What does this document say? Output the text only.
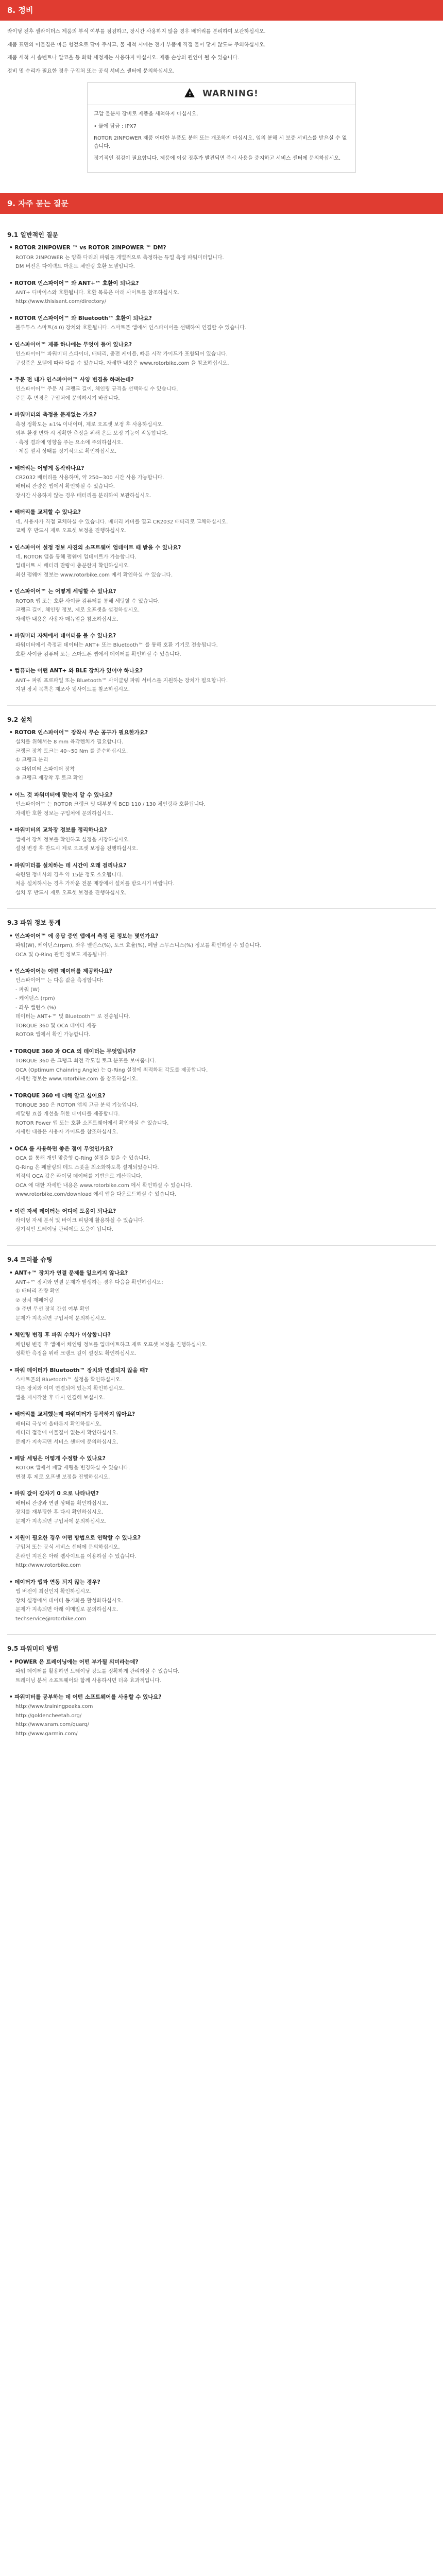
8. 정비

라이딩 전후 셀라이더스 제품의 부식 여부를 점검하고, 장시간 사용하지 않을 경우 배터리를 분리하여 보관하십시오.

제품 표면의 이물질은 마른 헝겊으로 닦아 주시고, 물 세척 시에는 전기 부품에 직접 물이 닿지 않도록 주의하십시오.

제품 세척 시 솔벤트나 알코올 등 화학 세정제는 사용하지 마십시오. 제품 손상의 원인이 될 수 있습니다.

정비 및 수리가 필요한 경우 구입처 또는 공식 서비스 센터에 문의하십시오.

! WARNING!

고압 물분사 장비로 제품을 세척하지 마십시오.

• 물에 담금 : IPX7

ROTOR 2INPOWER 제품 어떠한 부품도 분해 또는 개조하지 마십시오. 임의 분해 시 보증 서비스를 받으실 수 없습니다.

정기적인 점검이 필요합니다. 제품에 이상 징후가 발견되면 즉시 사용을 중지하고 서비스 센터에 문의하십시오.

9. 자주 묻는 질문
9.1 일반적인 질문
• ROTOR 2INPOWER ™ vs ROTOR 2INPOWER ™ DM?
ROTOR 2INPOWER 는 양쪽 다리의 파워를 개별적으로 측정하는 듀얼 측정 파워미터입니다.
DM 버전은 다이렉트 마운트 체인링 호환 모델입니다.
• ROTOR 인스파이어™ 와 ANT+™ 호환이 되나요?
ANT+ 디바이스와 호환됩니다. 호환 목록은 아래 사이트를 참조하십시오.
http://www.thisisant.com/directory/
• ROTOR 인스파이어™ 와 Bluetooth™ 호환이 되나요?
블루투스 스마트(4.0) 장치와 호환됩니다. 스마트폰 앱에서 인스파이어를 선택하여 연결할 수 있습니다.
• 인스파이어™ 제품 하나에는 무엇이 들어 있나요?
인스파이어™ 파워미터 스파이더, 배터리, 충전 케이블, 빠른 시작 가이드가 포함되어 있습니다.
구성품은 모델에 따라 다를 수 있습니다. 자세한 내용은 www.rotorbike.com 을 참조하십시오.
• 주문 전 내가 인스파이어™ 사양 변경을 하려는데?
인스파이어™ 주문 시 크랭크 길이, 체인링 규격을 선택하실 수 있습니다.
주문 후 변경은 구입처에 문의하시기 바랍니다.
• 파워미터의 측정을 문제없는 가요?
측정 정확도는 ±1% 이내이며, 제로 오프셋 보정 후 사용하십시오.
외부 환경 변화 시 정확한 측정을 위해 온도 보정 기능이 작동합니다.
· 측정 결과에 영향을 주는 요소에 주의하십시오.
· 제품 설치 상태를 정기적으로 확인하십시오.
• 배터리는 어떻게 동작하나요?
CR2032 배터리를 사용하며, 약 250~300 시간 사용 가능합니다.
배터리 잔량은 앱에서 확인하실 수 있습니다.
장시간 사용하지 않는 경우 배터리를 분리하여 보관하십시오.
• 배터리를 교체할 수 있나요?
네, 사용자가 직접 교체하실 수 있습니다. 배터리 커버를 열고 CR2032 배터리로 교체하십시오.
교체 후 반드시 제로 오프셋 보정을 진행하십시오.
• 인스파이어 설정 정보 사진의 소프트웨어 업데이트 때 받을 수 있나요?
네, ROTOR 앱을 통해 펌웨어 업데이트가 가능합니다.
업데이트 시 배터리 잔량이 충분한지 확인하십시오.
최신 펌웨어 정보는 www.rotorbike.com 에서 확인하실 수 있습니다.
• 인스파이어™ 는 어떻게 세팅할 수 있나요?
ROTOR 앱 또는 호환 사이클 컴퓨터를 통해 세팅할 수 있습니다.
크랭크 길이, 체인링 정보, 제로 오프셋을 설정하십시오.
자세한 내용은 사용자 매뉴얼을 참조하십시오.
• 파워미터 자체에서 데이터를 볼 수 있나요?
파워미터에서 측정된 데이터는 ANT+ 또는 Bluetooth™ 를 통해 호환 기기로 전송됩니다.
호환 사이클 컴퓨터 또는 스마트폰 앱에서 데이터를 확인하실 수 있습니다.
• 컴퓨터는 어떤 ANT+ 와 BLE 장치가 있어야 하나요?
ANT+ 파워 프로파일 또는 Bluetooth™ 사이클링 파워 서비스를 지원하는 장치가 필요합니다.
지원 장치 목록은 제조사 웹사이트를 참조하십시오.
9.2 설치
• ROTOR 인스파이어™ 장착시 무슨 공구가 필요한가요?
설치를 위해서는 8 mm 육각렌치가 필요합니다.
크랭크 장착 토크는 40~50 Nm 를 준수하십시오.
① 크랭크 분리
② 파워미터 스파이더 장착
③ 크랭크 재장착 후 토크 확인
• 어느 것 파워미터에 맞는지 알 수 있나요?
인스파이어™ 는 ROTOR 크랭크 및 대부분의 BCD 110 / 130 체인링과 호환됩니다.
자세한 호환 정보는 구입처에 문의하십시오.
• 파워미터의 교차장 정보를 정리하나요?
앱에서 장치 정보를 확인하고 설정을 저장하십시오.
설정 변경 후 반드시 제로 오프셋 보정을 진행하십시오.
• 파워미터를 설치하는 데 시간이 오래 걸리나요?
숙련된 정비사의 경우 약 15분 정도 소요됩니다.
처음 설치하시는 경우 가까운 전문 매장에서 설치를 받으시기 바랍니다.
설치 후 반드시 제로 오프셋 보정을 진행하십시오.
9.3 파워 정보 통계
• 인스파이어™ 에 응답 중인 앱에서 측정 된 정보는 몇인가요?
파워(W), 케이던스(rpm), 좌우 밸런스(%), 토크 효율(%), 페달 스무스니스(%) 정보를 확인하실 수 있습니다.
OCA 및 Q-Ring 관련 정보도 제공됩니다.
• 인스파이어는 어떤 데이터를 제공하나요?
인스파이어™ 는 다음 값을 측정합니다:
- 파워 (W)
- 케이던스 (rpm)
- 좌우 밸런스 (%)
데이터는 ANT+™ 및 Bluetooth™ 로 전송됩니다.
TORQUE 360 및 OCA 데이터 제공
ROTOR 앱에서 확인 가능합니다.
• TORQUE 360 과 OCA 의 데이터는 무엇입니까?
TORQUE 360 은 크랭크 회전 각도별 토크 분포를 보여줍니다.
OCA (Optimum Chainring Angle) 는 Q-Ring 설정에 최적화된 각도를 제공합니다.
자세한 정보는 www.rotorbike.com 을 참조하십시오.
• TORQUE 360 에 대해 알고 싶어요?
TORQUE 360 은 ROTOR 앱의 고급 분석 기능입니다.
페달링 효율 개선을 위한 데이터를 제공합니다.
ROTOR Power 앱 또는 호환 소프트웨어에서 확인하실 수 있습니다.
자세한 내용은 사용자 가이드를 참조하십시오.
• OCA 를 사용하면 좋은 점이 무엇인가요?
OCA 를 통해 개인 맞춤형 Q-Ring 설정을 찾을 수 있습니다.
Q-Ring 은 페달링의 데드 스폿을 최소화하도록 설계되었습니다.
최적의 OCA 값은 라이딩 데이터를 기반으로 계산됩니다.
OCA 에 대한 자세한 내용은 www.rotorbike.com 에서 확인하실 수 있습니다.
www.rotorbike.com/download 에서 앱을 다운로드하실 수 있습니다.
• 이런 자세 데이터는 어디에 도움이 되나요?
라이딩 자세 분석 및 바이크 피팅에 활용하실 수 있습니다.
장기적인 트레이닝 관리에도 도움이 됩니다.
9.4 트러블 슈팅
• ANT+™ 장치가 연결 문제를 일으키지 않나요?
ANT+™ 장치와 연결 문제가 발생하는 경우 다음을 확인하십시오:
① 배터리 잔량 확인
② 장치 재페어링
③ 주변 무선 장치 간섭 여부 확인
문제가 지속되면 구입처에 문의하십시오.
• 체인링 변경 후 파워 수치가 이상합니다?
체인링 변경 후 앱에서 체인링 정보를 업데이트하고 제로 오프셋 보정을 진행하십시오.
정확한 측정을 위해 크랭크 길이 설정도 확인하십시오.
• 파워 데이터가 Bluetooth™ 장치와 연결되지 않을 때?
스마트폰의 Bluetooth™ 설정을 확인하십시오.
다른 장치와 이미 연결되어 있는지 확인하십시오.
앱을 재시작한 후 다시 연결해 보십시오.
• 배터리를 교체했는데 파워미터가 동작하지 않아요?
배터리 극성이 올바른지 확인하십시오.
배터리 접점에 이물질이 없는지 확인하십시오.
문제가 지속되면 서비스 센터에 문의하십시오.
• 페달 세팅은 어떻게 수정할 수 있나요?
ROTOR 앱에서 페달 세팅을 변경하실 수 있습니다.
변경 후 제로 오프셋 보정을 진행하십시오.
• 파워 값이 갑자기 0 으로 나타나면?
배터리 잔량과 연결 상태를 확인하십시오.
장치를 재부팅한 후 다시 확인하십시오.
문제가 지속되면 구입처에 문의하십시오.
• 지원이 필요한 경우 어떤 방법으로 연락할 수 있나요?
구입처 또는 공식 서비스 센터에 문의하십시오.
온라인 지원은 아래 웹사이트를 이용하실 수 있습니다.
http://www.rotorbike.com
• 데이터가 앱과 연동 되지 않는 경우?
앱 버전이 최신인지 확인하십시오.
장치 설정에서 데이터 동기화를 활성화하십시오.
문제가 지속되면 아래 이메일로 문의하십시오.
techservice@rotorbike.com
9.5 파워미터 방법
• POWER 은 트레이닝에는 어떤 부가될 의미라는데?
파워 데이터를 활용하면 트레이닝 강도를 정확하게 관리하실 수 있습니다.
트레이닝 분석 소프트웨어와 함께 사용하시면 더욱 효과적입니다.
• 파워미터를 공부하는 데 어떤 소프트웨어를 사용할 수 있나요?
http://www.trainingpeaks.com
http://goldencheetah.org/
http://www.sram.com/quarq/
http://www.garmin.com/
